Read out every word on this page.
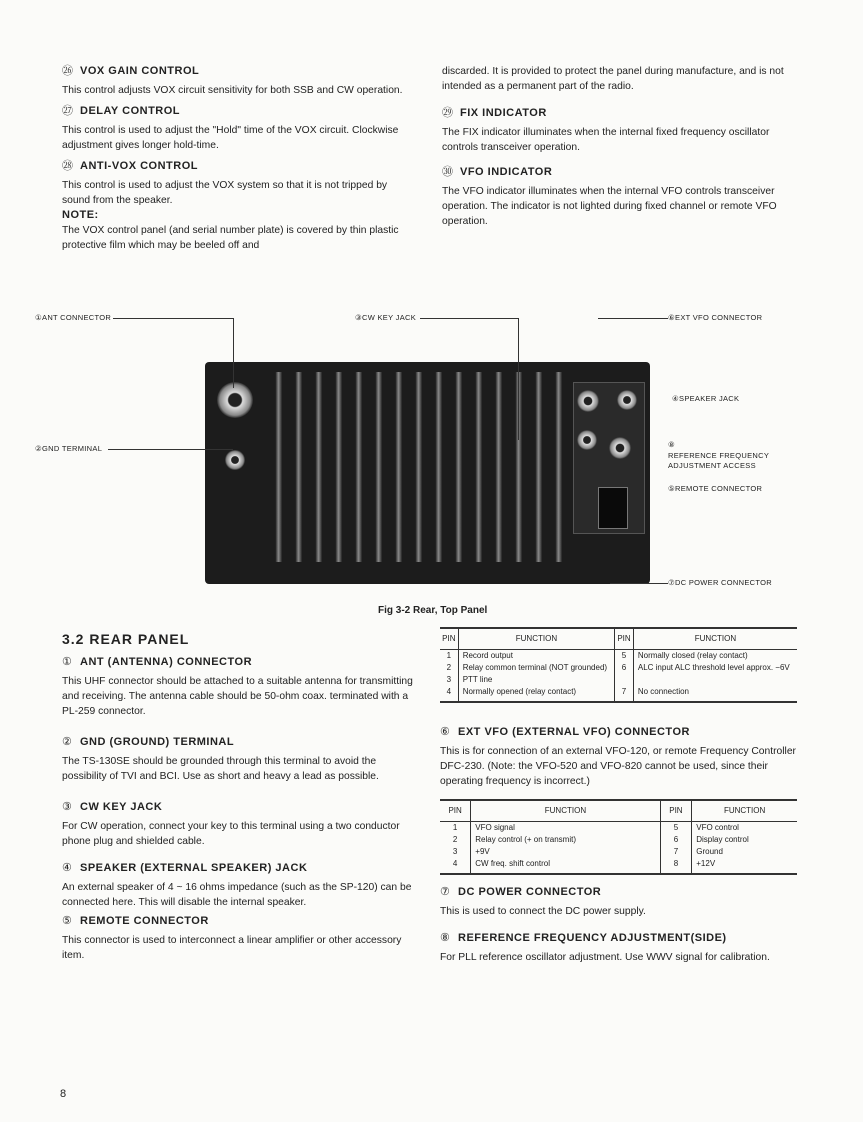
㉖ VOX GAIN CONTROL

This control adjusts VOX circuit sensitivity for both SSB and CW operation.

㉗ DELAY CONTROL

This control is used to adjust the "Hold" time of the VOX circuit. Clockwise adjustment gives longer hold-time.

㉘ ANTI-VOX CONTROL

This control is used to adjust the VOX system so that it is not tripped by sound from the speaker.

NOTE:

The VOX control panel (and serial number plate) is covered by thin plastic protective film which may be beeled off and

discarded. It is provided to protect the panel during manufacture, and is not intended as a permanent part of the radio.

㉙ FIX INDICATOR

The FIX indicator illuminates when the internal fixed frequency oscillator controls transceiver operation.

㉚ VFO INDICATOR

The VFO indicator illuminates when the internal VFO controls transceiver operation. The indicator is not lighted during fixed channel or remote VFO operation.

①ANT CONNECTOR
②GND TERMINAL
③CW KEY JACK	⑥EXT VFO CONNECTOR
④SPEAKER JACK
⑧
REFERENCE FREQUENCY
ADJUSTMENT ACCESS
⑤REMOTE CONNECTOR
⑦DC POWER CONNECTOR
Fig 3-2 Rear, Top Panel
3.2 REAR PANEL
① ANT (ANTENNA) CONNECTOR

This UHF connector should be attached to a suitable antenna for transmitting and receiving. The antenna cable should be 50-ohm coax. terminated with a PL-259 connector.

② GND (GROUND) TERMINAL

The TS-130SE should be grounded through this terminal to avoid the possibility of TVI and BCI. Use as short and heavy a lead as possible.

③ CW KEY JACK

For CW operation, connect your key to this terminal using a two conductor phone plug and shielded cable.

④ SPEAKER (EXTERNAL SPEAKER) JACK

An external speaker of 4 ~ 16 ohms impedance (such as the SP-120) can be connected here. This will disable the internal speaker.

⑤ REMOTE CONNECTOR

This connector is used to interconnect a linear amplifier or other accessory item.

PIN	FUNCTION	PIN	FUNCTION
1	Record output	5	Normally closed (relay contact)
2	Relay common terminal (NOT grounded)	6	ALC input ALC threshold level approx. −6V
3	PTT line		
4	Normally opened (relay contact)	7	No connection
⑥ EXT VFO (EXTERNAL VFO) CONNECTOR

This is for connection of an external VFO-120, or remote Frequency Controller DFC-230. (Note: the VFO-520 and VFO-820 cannot be used, since their operating frequency is incorrect.)

PIN	FUNCTION	PIN	FUNCTION
1	VFO signal	5	VFO control
2	Relay control (+ on transmit)	6	Display control
3	+9V	7	Ground
4	CW freq. shift control	8	+12V
⑦ DC POWER CONNECTOR

This is used to connect the DC power supply.

⑧ REFERENCE FREQUENCY ADJUSTMENT(SIDE)

For PLL reference oscillator adjustment. Use WWV signal for calibration.

8
